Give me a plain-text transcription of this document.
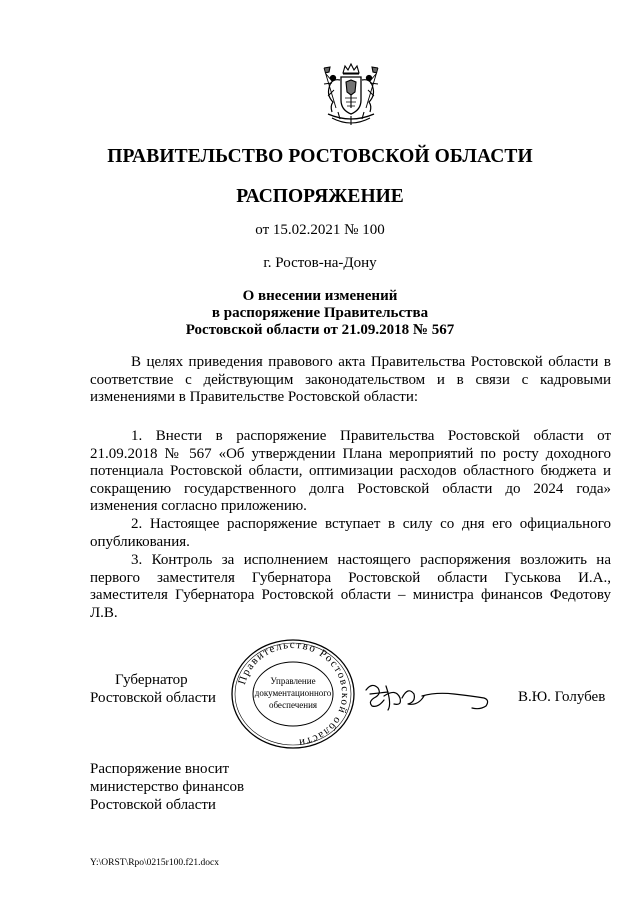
ПРАВИТЕЛЬСТВО РОСТОВСКОЙ ОБЛАСТИ
РАСПОРЯЖЕНИЕ
от 15.02.2021 № 100
г. Ростов-на-Дону
О внесении изменений
в распоряжение Правительства
Ростовской области от 21.09.2018 № 567

В целях приведения правового акта Правительства Ростовской области в соответствие с действующим законодательством и в связи с кадровыми изменениями в Правительстве Ростовской области:

1. Внести в распоряжение Правительства Ростовской области от 21.09.2018 № 567 «Об утверждении Плана мероприятий по росту доходного потенциала Ростовской области, оптимизации расходов областного бюджета и сокращению государственного долга Ростовской области до 2024 года» изменения согласно приложению.

2. Настоящее распоряжение вступает в силу со дня его официального опубликования.

3. Контроль за исполнением настоящего распоряжения возложить на первого заместителя Губернатора Ростовской области Гуськова И.А., заместителя Губернатора Ростовской области – министра финансов Федотову Л.В.

Губернатор
Ростовской области
Правительство Ростовской области
Управление
документационного
обеспечения	В.Ю. Голубев
Распоряжение вносит
министерство финансов
Ростовской области
Y:\ORST\Rpo\0215r100.f21.docx
